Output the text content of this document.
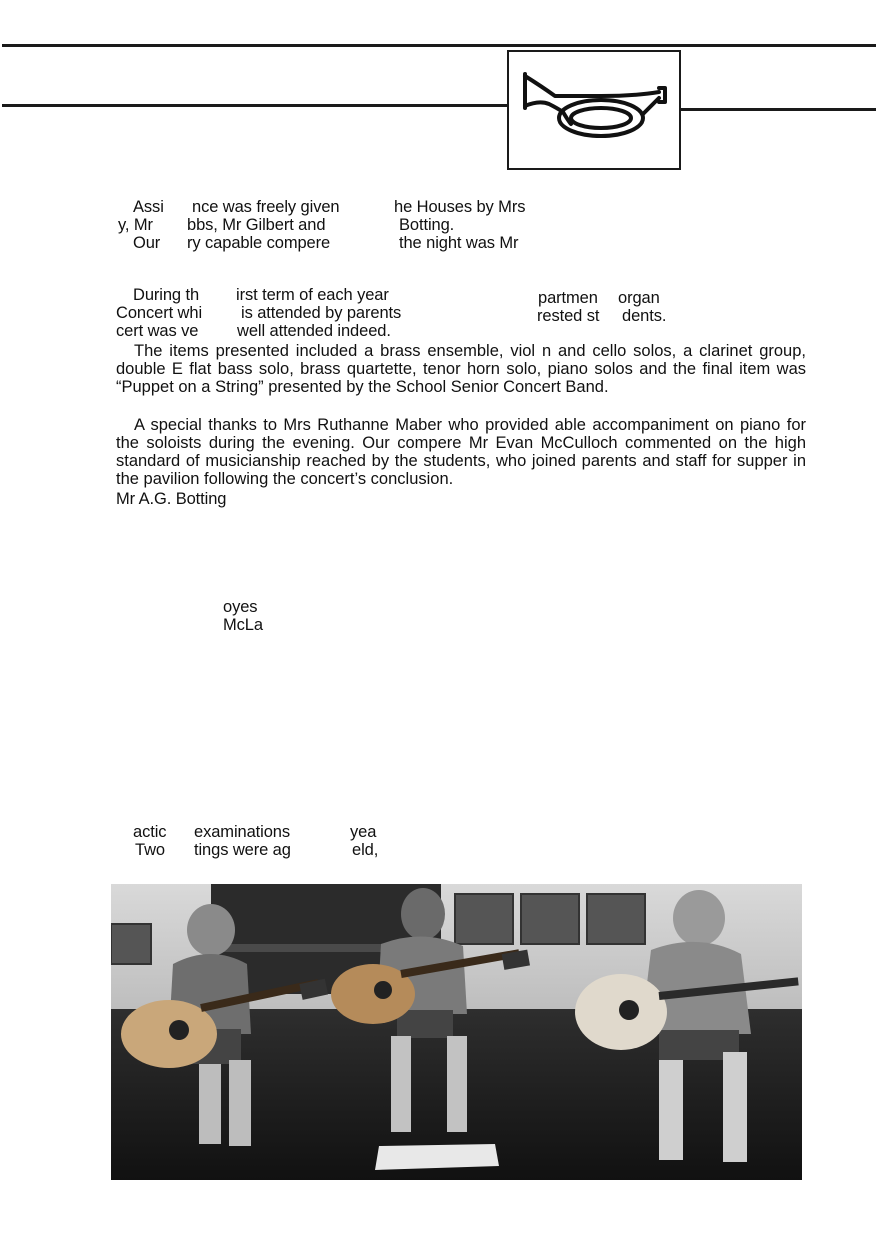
Assi
y, Mr
Our
nce was freely given
bbs, Mr Gilbert and
ry capable compere
he Houses by Mrs
Botting.
the night was Mr
During th
Concert whi
cert was ve
irst term of each year
is attended by parents
well attended indeed.
partmen
rested st
organ
dents.
The items presented included a brass ensemble, viol n and cello solos, a clarinet group, double E flat bass solo, brass quartette, tenor horn solo, piano solos and the final item was “Puppet on a String” presented by the School Senior Concert Band.
A special thanks to Mrs Ruthanne Maber who provided able accompaniment on piano for the soloists during the evening. Our compere Mr Evan McCulloch commented on the high standard of musicianship reached by the students, who joined parents and staff for supper in the pavilion following the concert’s conclusion.
Mr A.G. Botting
oyes
McLa
actic
Two
examinations
tings were ag
yea
eld,
